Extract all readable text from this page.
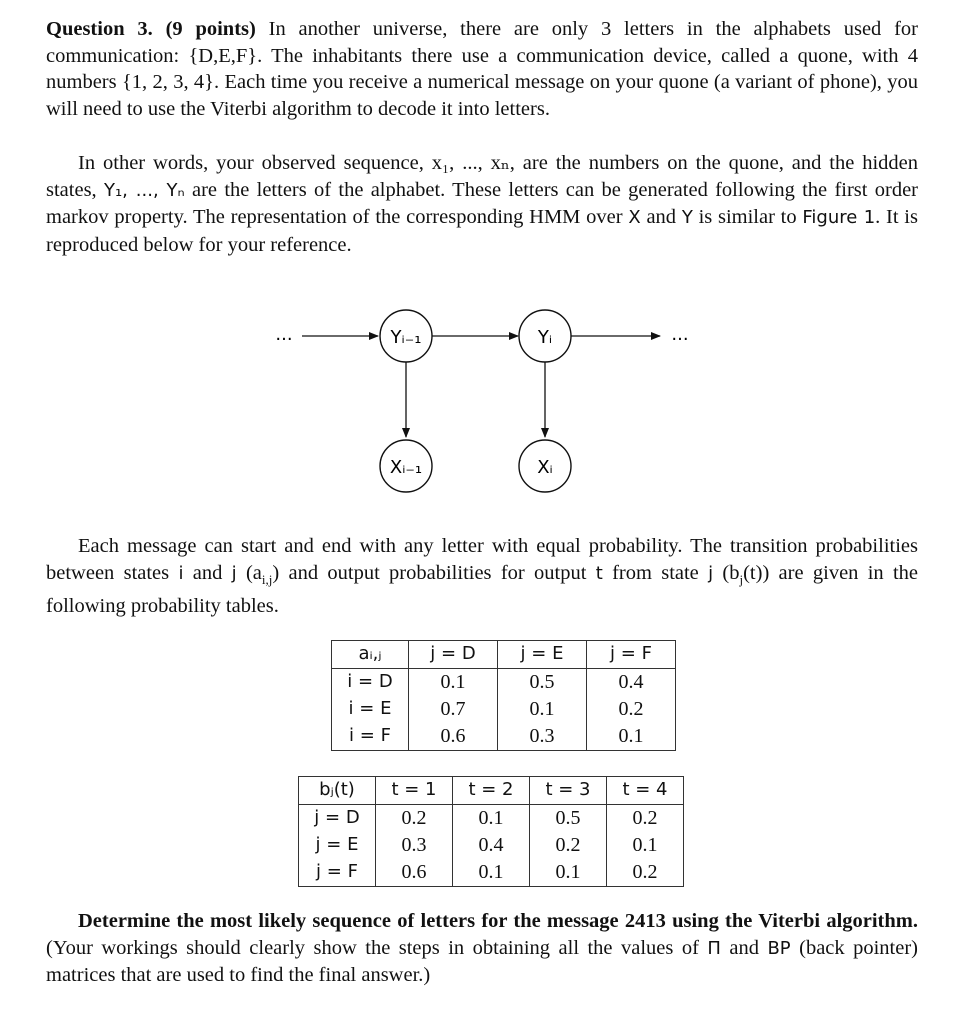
Question 3. (9 points) In another universe, there are only 3 letters in the alphabets used for communication: {D,E,F}. The inhabitants there use a communication device, called a quone, with 4 numbers {1, 2, 3, 4}. Each time you receive a numerical message on your quone (a variant of phone), you will need to use the Viterbi algorithm to decode it into letters.

In other words, your observed sequence, x₁, ..., xₙ, are the numbers on the quone, and the hidden states, Y₁, ..., Yₙ are the letters of the alphabet. These letters can be generated following the first order markov property. The representation of the corresponding HMM over X and Y is similar to Figure 1. It is reproduced below for your reference.

...	Yᵢ₋₁	Yᵢ	...
Xᵢ₋₁	Xᵢ

Each message can start and end with any letter with equal probability. The transition probabilities between states i and j $(a_{i,j})$ and output probabilities for output t from state j $(b_j(t))$ are given in the following probability tables.

aᵢ,ⱼ	j = D	j = E	j = F
i = D	0.1	0.5	0.4
i = E	0.7	0.1	0.2
i = F	0.6	0.3	0.1
bⱼ(t)	t = 1	t = 2	t = 3	t = 4
j = D	0.2	0.1	0.5	0.2
j = E	0.3	0.4	0.2	0.1
j = F	0.6	0.1	0.1	0.2

Determine the most likely sequence of letters for the message 2413 using the Viterbi algorithm. (Your workings should clearly show the steps in obtaining all the values of Π and BP (back pointer) matrices that are used to find the final answer.)
